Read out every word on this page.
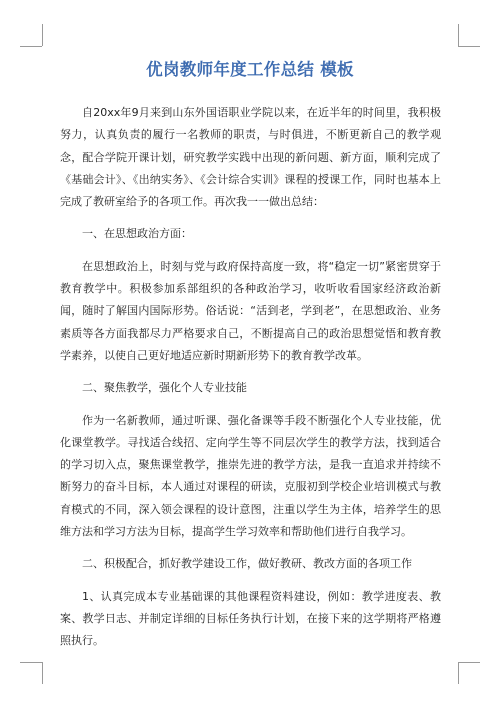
优岗教师年度工作总结 模板

自20xx年9月来到山东外国语职业学院以来，在近半年的时间里，我积极努力，认真负责的履行一名教师的职责，与时俱进，不断更新自己的教学观念，配合学院开课计划，研究教学实践中出现的新问题、新方面，顺利完成了《基础会计》、《出纳实务》、《会计综合实训》课程的授课工作，同时也基本上完成了教研室给予的各项工作。再次我一一做出总结：

一、在思想政治方面：

在思想政治上，时刻与党与政府保持高度一致，将“稳定一切”紧密贯穿于教育教学中。积极参加系部组织的各种政治学习，收听收看国家经济政治新闻，随时了解国内国际形势。俗话说：“活到老，学到老”，在思想政治、业务素质等各方面我都尽力严格要求自己，不断提高自己的政治思想觉悟和教育教学素养，以使自己更好地适应新时期新形势下的教育教学改革。

二、聚焦教学，强化个人专业技能

作为一名新教师，通过听课、强化备课等手段不断强化个人专业技能，优化课堂教学。寻找适合线招、定向学生等不同层次学生的教学方法，找到适合的学习切入点，聚焦课堂教学，推崇先进的教学方法，是我一直追求并持续不断努力的奋斗目标，本人通过对课程的研读，克服初到学校企业培训模式与教育模式的不同，深入领会课程的设计意图，注重以学生为主体，培养学生的思维方法和学习方法为目标，提高学生学习效率和帮助他们进行自我学习。

二、积极配合，抓好教学建设工作，做好教研、教改方面的各项工作

1、认真完成本专业基础课的其他课程资料建设，例如：教学进度表、教案、教学日志、并制定详细的目标任务执行计划，在接下来的这学期将严格遵照执行。
